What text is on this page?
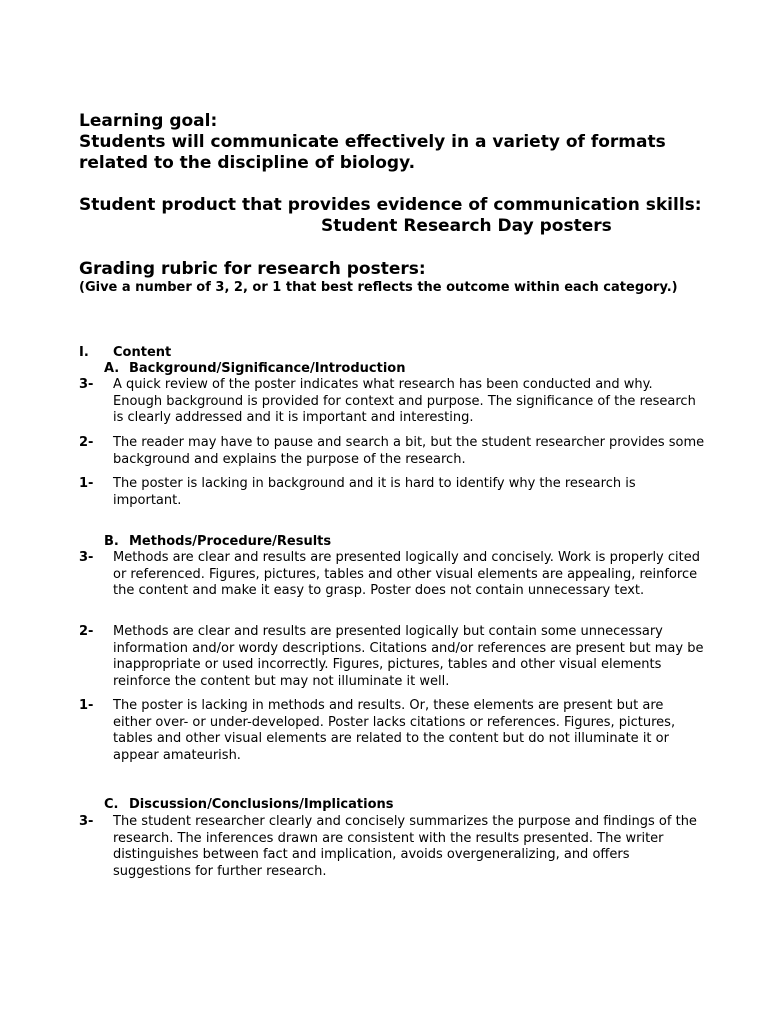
Learning goal:

Students will communicate effectively in a variety of formats related to the discipline of biology.

Student product that provides evidence of communication skills:

Student Research Day posters

Grading rubric for research posters:

(Give a number of 3, 2, or 1 that best reflects the outcome within each category.)

I. Content
A. Background/Significance/Introduction
3- A quick review of the poster indicates what research has been conducted and why. Enough background is provided for context and purpose. The significance of the research is clearly addressed and it is important and interesting.

2- The reader may have to pause and search a bit, but the student researcher provides some background and explains the purpose of the research.

1- The poster is lacking in background and it is hard to identify why the research is important.

B. Methods/Procedure/Results
3- Methods are clear and results are presented logically and concisely. Work is properly cited or referenced. Figures, pictures, tables and other visual elements are appealing, reinforce the content and make it easy to grasp. Poster does not contain unnecessary text.

2- Methods are clear and results are presented logically but contain some unnecessary information and/or wordy descriptions. Citations and/or references are present but may be inappropriate or used incorrectly. Figures, pictures, tables and other visual elements reinforce the content but may not illuminate it well.

1- The poster is lacking in methods and results. Or, these elements are present but are either over- or under-developed. Poster lacks citations or references. Figures, pictures, tables and other visual elements are related to the content but do not illuminate it or appear amateurish.

C. Discussion/Conclusions/Implications
3- The student researcher clearly and concisely summarizes the purpose and findings of the research. The inferences drawn are consistent with the results presented. The writer distinguishes between fact and implication, avoids overgeneralizing, and offers suggestions for further research.
